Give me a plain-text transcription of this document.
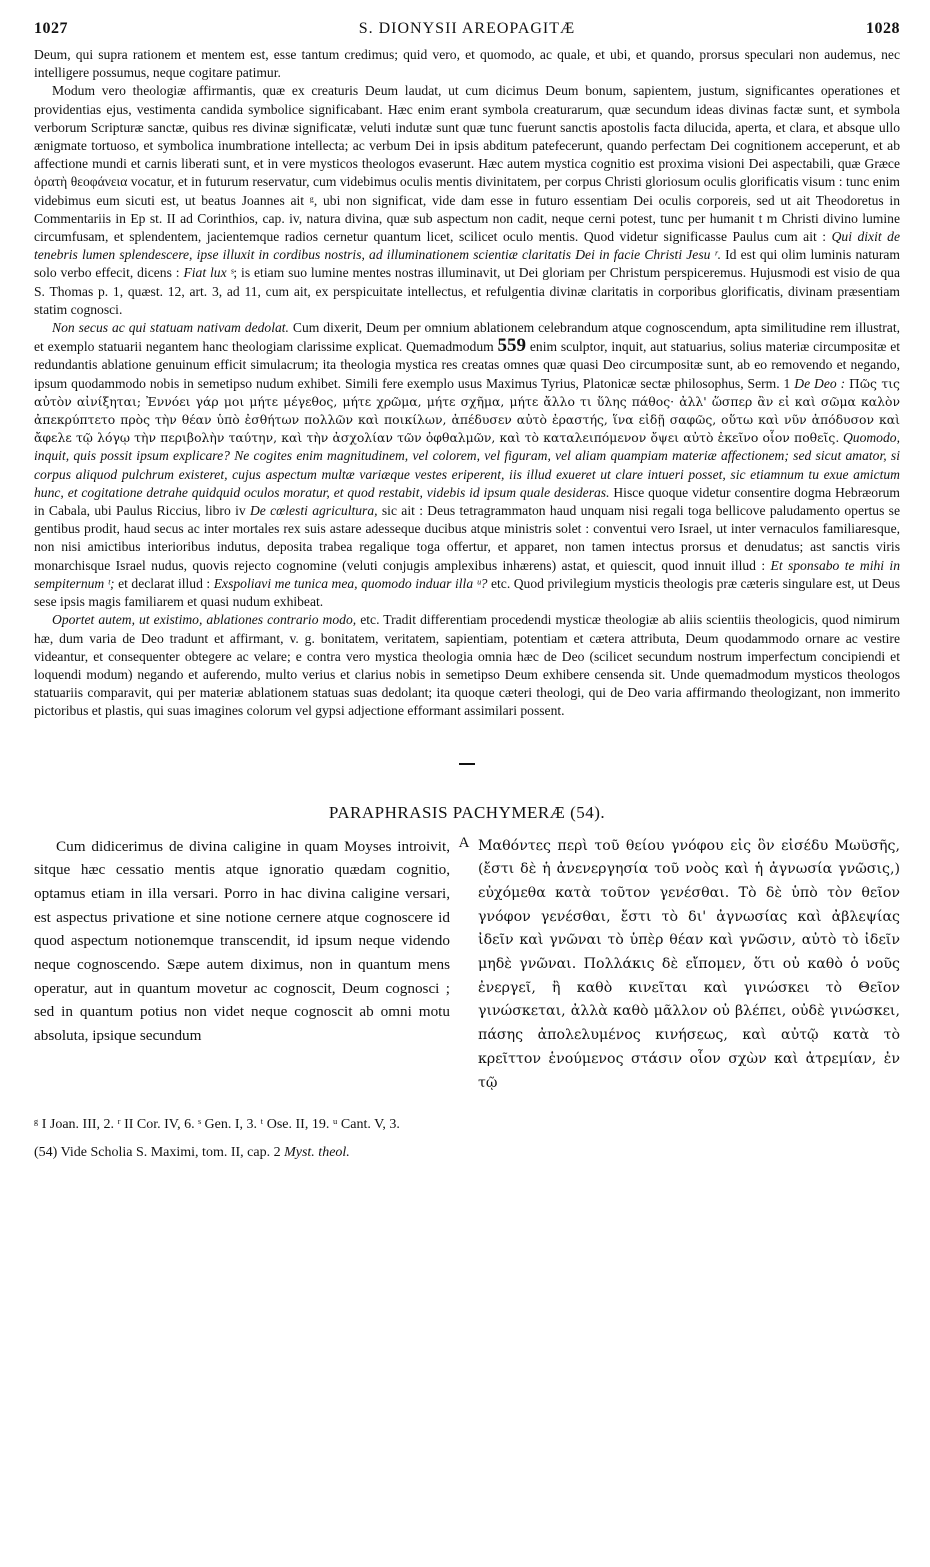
1027	S. DIONYSII AREOPAGITÆ	1028

Deum, qui supra rationem et mentem est, esse tantum credimus; quid vero, et quomodo, ac quale, et ubi, et quando, prorsus speculari non audemus, nec intelligere possumus, neque cogitare patimur.

Modum vero theologiæ affirmantis, quæ ex creaturis Deum laudat, ut cum dicimus Deum bonum, sapientem, justum, significantes operationes et providentias ejus, vestimenta candida symbolice significabant. Hæc enim erant symbola creaturarum, quæ secundum ideas divinas factæ sunt, et symbola verborum Scripturæ sanctæ, quibus res divinæ significatæ, veluti indutæ sunt quæ tunc fuerunt sanctis apostolis facta dilucida, aperta, et clara, et absque ullo ænigmate tortuoso, et symbolica inumbratione intellecta; ac verbum Dei in ipsis abditum patefecerunt, quando perfectam Dei cognitionem acceperunt, et ab affectione mundi et carnis liberati sunt, et in vere mysticos theologos evaserunt. Hæc autem mystica cognitio est proxima visioni Dei aspectabili, quæ Græce ὁρατὴ θεοφάνεια vocatur, et in futurum reservatur, cum videbimus oculis mentis divinitatem, per corpus Christi gloriosum oculis glorificatis visum : tunc enim videbimus eum sicuti est, ut beatus Joannes ait ᵍ, ubi non significat, vide dam esse in futuro essentiam Dei oculis corporeis, sed ut ait Theodoretus in Commentariis in Ep st. II ad Corinthios, cap. iv, natura divina, quæ sub aspectum non cadit, neque cerni potest, tunc per humanit t m Christi divino lumine circumfusam, et splendentem, jacientemque radios cernetur quantum licet, scilicet oculo mentis. Quod videtur significasse Paulus cum ait : Qui dixit de tenebris lumen splendescere, ipse illuxit in cordibus nostris, ad illuminationem scientiæ claritatis Dei in facie Christi Jesu ʳ. Id est qui olim luminis naturam solo verbo effecit, dicens : Fiat lux ˢ; is etiam suo lumine mentes nostras illuminavit, ut Dei gloriam per Christum perspiceremus. Hujusmodi est visio de qua S. Thomas p. 1, quæst. 12, art. 3, ad 11, cum ait, ex perspicuitate intellectus, et refulgentia divinæ claritatis in corporibus glorificatis, divinam præsentiam statim cognosci.

Non secus ac qui statuam nativam dedolat. Cum dixerit, Deum per omnium ablationem celebrandum atque cognoscendum, apta similitudine rem illustrat, et exemplo statuarii negantem hanc theologiam clarissime explicat. Quemadmodum 559 enim sculptor, inquit, aut statuarius, solius materiæ circumpositæ et redundantis ablatione genuinum efficit simulacrum; ita theologia mystica res creatas omnes quæ quasi Deo circumpositæ sunt, ab eo removendo et negando, ipsum quodammodo nobis in semetipso nudum exhibet. Simili fere exemplo usus Maximus Tyrius, Platonicæ sectæ philosophus, Serm. 1 De Deo : Πῶς τις αὐτὸν αἰνίξηται; Ἐννόει γάρ μοι μήτε μέγεθος, μήτε χρῶμα, μήτε σχῆμα, μήτε ἄλλο τι ὕλης πάθος· ἀλλ' ὥσπερ ἂν εἰ καὶ σῶμα καλὸν ἀπεκρύπτετο πρὸς τὴν θέαν ὑπὸ ἐσθήτων πολλῶν καὶ ποικίλων, ἀπέδυσεν αὐτὸ ἐραστής, ἵνα εἰδῇ σαφῶς, οὕτω καὶ νῦν ἀπόδυσον καὶ ἄφελε τῷ λόγῳ τὴν περιβολὴν ταύτην, καὶ τὴν ἀσχολίαν τῶν ὀφθαλμῶν, καὶ τὸ καταλειπόμενον ὄψει αὐτὸ ἐκεῖνο οἷον ποθεῖς. Quomodo, inquit, quis possit ipsum explicare? Ne cogites enim magnitudinem, vel colorem, vel figuram, vel aliam quampiam materiæ affectionem; sed sicut amator, si corpus aliquod pulchrum existeret, cujus aspectum multæ variæque vestes eriperent, iis illud exueret ut clare intueri posset, sic etiamnum tu exue amictum hunc, et cogitatione detrahe quidquid oculos moratur, et quod restabit, videbis id ipsum quale desideras. Hisce quoque videtur consentire dogma Hebræorum in Cabala, ubi Paulus Riccius, libro iv De cœlesti agricultura, sic ait : Deus tetragrammaton haud unquam nisi regali toga bellicove paludamento opertus se gentibus prodit, haud secus ac inter mortales rex suis astare adesseque ducibus atque ministris solet : conventui vero Israel, ut inter vernaculos familiaresque, non nisi amictibus interioribus indutus, deposita trabea regalique toga offertur, et apparet, non tamen intectus prorsus et denudatus; ast sanctis viris monarchisque Israel nudus, quovis rejecto cognomine (veluti conjugis amplexibus inhærens) astat, et quiescit, quod innuit illud : Et sponsabo te mihi in sempiternum ᵗ; et declarat illud : Exspoliavi me tunica mea, quomodo induar illa ᵘ? etc. Quod privilegium mysticis theologis præ cæteris singulare est, ut Deus sese ipsis magis familiarem et quasi nudum exhibeat.

Oportet autem, ut existimo, ablationes contrario modo, etc. Tradit differentiam procedendi mysticæ theologiæ ab aliis scientiis theologicis, quod nimirum hæ, dum varia de Deo tradunt et affirmant, v. g. bonitatem, veritatem, sapientiam, potentiam et cætera attributa, Deum quodammodo ornare ac vestire videantur, et consequenter obtegere ac velare; e contra vero mystica theologia omnia hæc de Deo (scilicet secundum nostrum imperfectum concipiendi et loquendi modum) negando et auferendo, multo verius et clarius nobis in semetipso Deum exhibere censenda sit. Unde quemadmodum mysticos theologos statuariis comparavit, qui per materiæ ablationem statuas suas dedolant; ita quoque cæteri theologi, qui de Deo varia affirmando theologizant, non immerito pictoribus et plastis, qui suas imagines colorum vel gypsi adjectione efformant assimilari possent.

PARAPHRASIS PACHYMERÆ (54).

Cum didicerimus de divina caligine in quam Moyses introivit, sitque hæc cessatio mentis atque ignoratio quædam cognitio, optamus etiam in illa versari. Porro in hac divina caligine versari, est aspectus privatione et sine notione cernere atque cognoscere id quod aspectum notionemque transcendit, id ipsum neque videndo neque cognoscendo. Sæpe autem diximus, non in quantum mens operatur, aut in quantum movetur ac cognoscit, Deum cognosci ; sed in quantum potius non videt neque cognoscit ab omni motu absoluta, ipsique secundum

A Μαθόντες περὶ τοῦ θείου γνόφου εἰς ὃν εἰσέδυ Μωϋσῆς, (ἔστι δὲ ἡ ἀνενεργησία τοῦ νοὸς καὶ ἡ ἀγνωσία γνῶσις,) εὐχόμεθα κατὰ τοῦτον γενέσθαι. Τὸ δὲ ὑπὸ τὸν θεῖον γνόφον γενέσθαι, ἔστι τὸ δι' ἀγνωσίας καὶ ἀβλεψίας ἰδεῖν καὶ γνῶναι τὸ ὑπὲρ θέαν καὶ γνῶσιν, αὐτὸ τὸ ἰδεῖν μηδὲ γνῶναι. Πολλάκις δὲ εἴπομεν, ὅτι οὐ καθὸ ὁ νοῦς ἐνεργεῖ, ἢ καθὸ κινεῖται καὶ γινώσκει τὸ Θεῖον γινώσκεται, ἀλλὰ καθὸ μᾶλλον οὐ βλέπει, οὐδὲ γινώσκει, πάσης ἀπολελυμένος κινήσεως, καὶ αὐτῷ κατὰ τὸ κρεῖττον ἑνούμενος στάσιν οἷον σχὼν καὶ ἀτρεμίαν, ἐν τῷ

ᵍ I Joan. III, 2. ʳ II Cor. IV, 6. ˢ Gen. I, 3. ᵗ Ose. II, 19. ᵘ Cant. V, 3.
(54) Vide Scholia S. Maximi, tom. II, cap. 2 Myst. theol.
